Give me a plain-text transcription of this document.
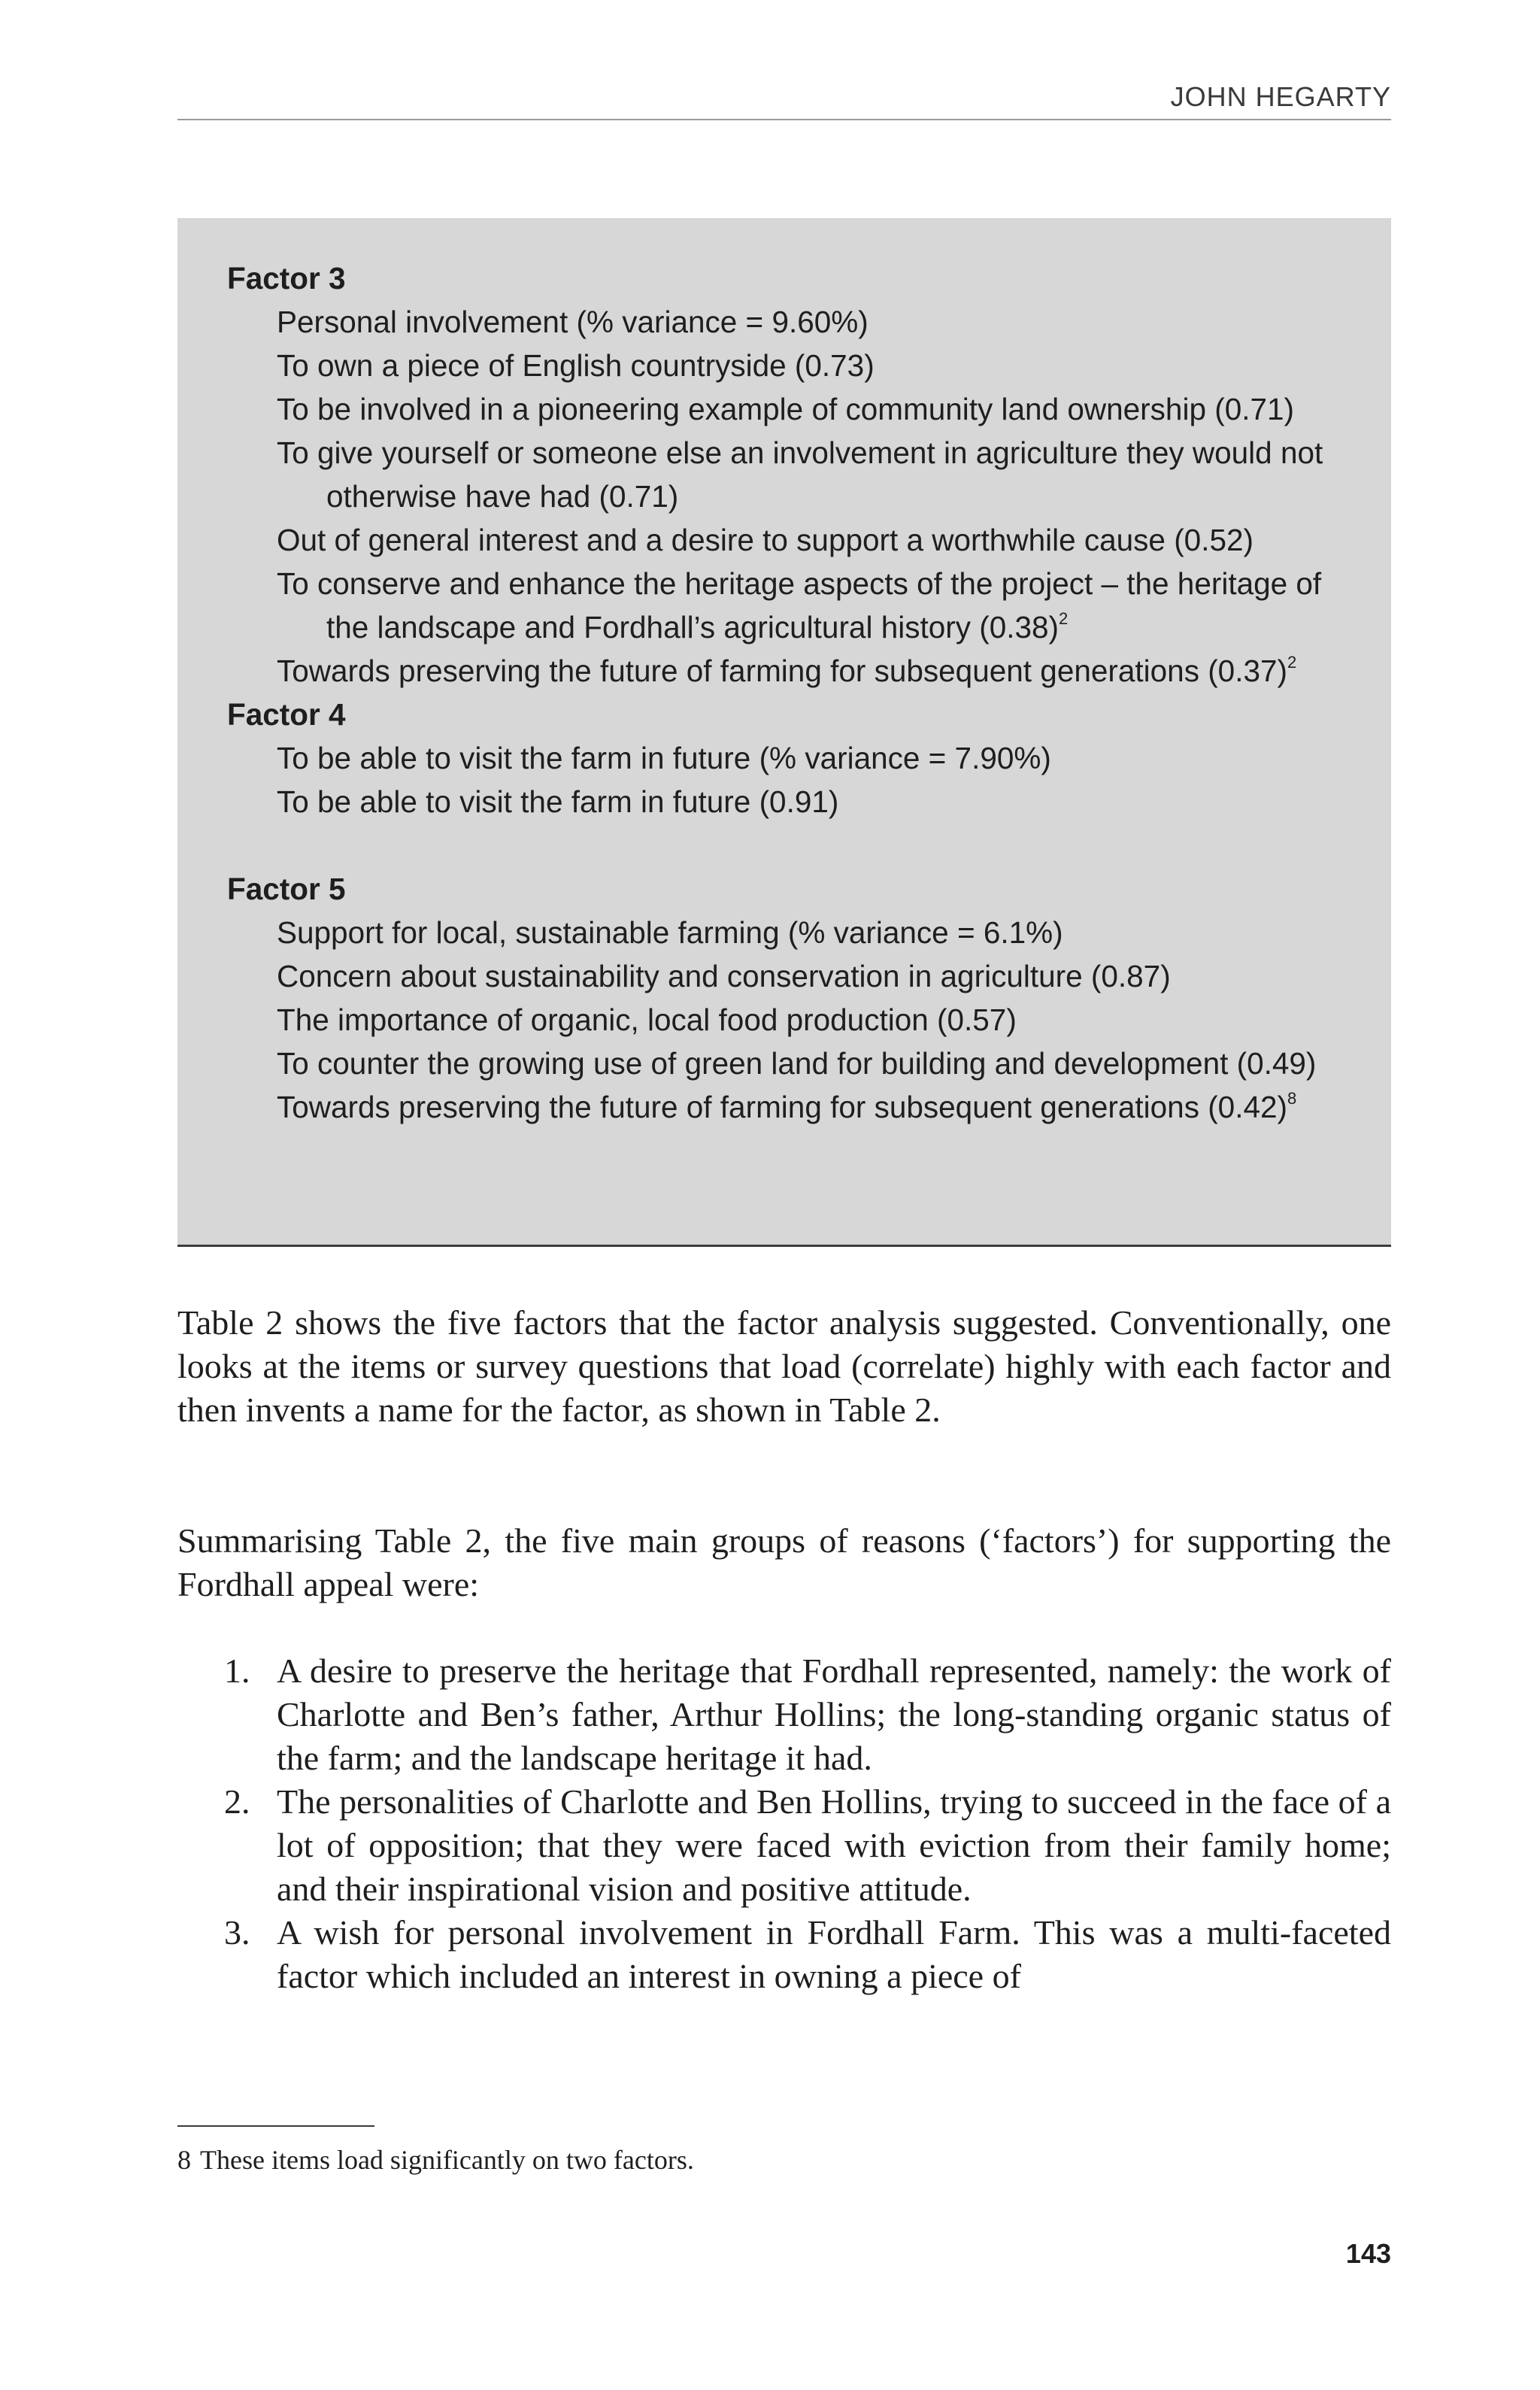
JOHN HEGARTY
Factor 3
Personal involvement (% variance = 9.60%)
To own a piece of English countryside (0.73)
To be involved in a pioneering example of community land ownership (0.71)
To give yourself or someone else an involvement in agriculture they would not otherwise have had (0.71)
Out of general interest and a desire to support a worthwhile cause (0.52)
To conserve and enhance the heritage aspects of the project – the heritage of the landscape and Fordhall’s agricultural history $(0.38)^2$
Towards preserving the future of farming for subsequent generations $(0.37)^2$
Factor 4
To be able to visit the farm in future (% variance = 7.90%)
To be able to visit the farm in future (0.91)
Factor 5
Support for local, sustainable farming (% variance = 6.1%)
Concern about sustainability and conservation in agriculture (0.87)
The importance of organic, local food production (0.57)
To counter the growing use of green land for building and development (0.49)
Towards preserving the future of farming for subsequent generations $(0.42)^8$

Table 2 shows the five factors that the factor analysis suggested. Conventionally, one looks at the items or survey questions that load (correlate) highly with each factor and then invents a name for the factor, as shown in Table 2.

Summarising Table 2, the five main groups of reasons (‘factors’) for supporting the Fordhall appeal were:

1. A desire to preserve the heritage that Fordhall represented, namely: the work of Charlotte and Ben’s father, Arthur Hollins; the long-standing organic status of the farm; and the landscape heritage it had.
2. The personalities of Charlotte and Ben Hollins, trying to succeed in the face of a lot of opposition; that they were faced with eviction from their family home; and their inspirational vision and positive attitude.
3. A wish for personal involvement in Fordhall Farm. This was a multi-faceted factor which included an interest in owning a piece of
8 These items load significantly on two factors.
143
